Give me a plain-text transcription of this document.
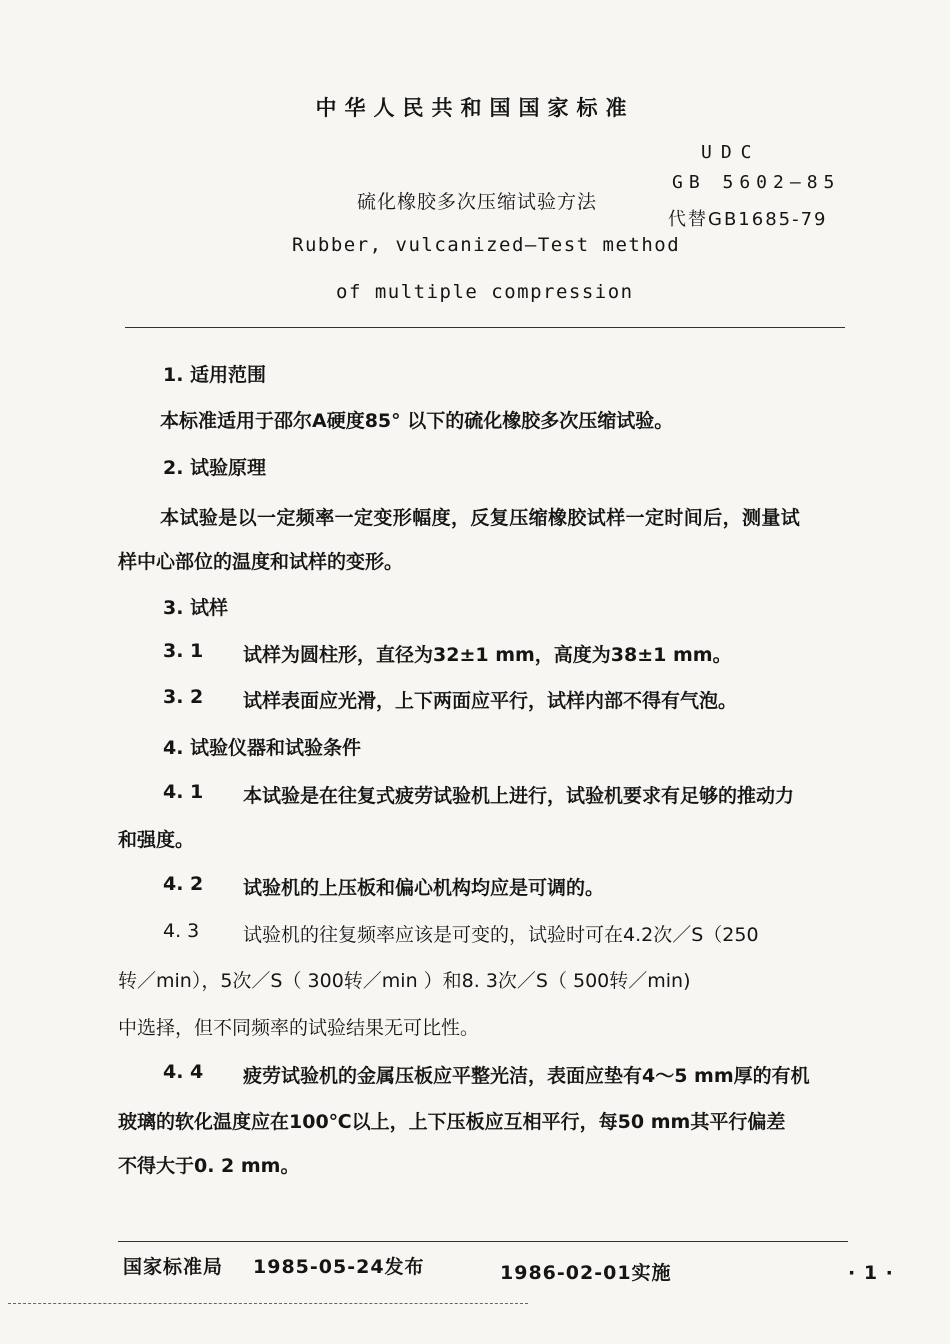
中华人民共和国国家标准
UDC
GB 5602—85
代替GB1685-79
硫化橡胶多次压缩试验方法
Rubber, vulcanized—Test method
of multiple compression
1. 适用范围
本标准适用于邵尔A硬度85° 以下的硫化橡胶多次压缩试验。
2. 试验原理
本试验是以一定频率一定变形幅度，反复压缩橡胶试样一定时间后，测量试
样中心部位的温度和试样的变形。
3. 试样
3. 1 试样为圆柱形，直径为32±1 mm，高度为38±1 mm。
3. 2 试样表面应光滑，上下两面应平行，试样内部不得有气泡。
4. 试验仪器和试验条件
4. 1 本试验是在往复式疲劳试验机上进行，试验机要求有足够的推动力
和强度。
4. 2 试验机的上压板和偏心机构均应是可调的。
4. 3 试验机的往复频率应该是可变的，试验时可在4.2次／S（250
转／min），5次／S（ 300转／min ）和8. 3次／S（ 500转／min)
中选择，但不同频率的试验结果无可比性。
4. 4 疲劳试验机的金属压板应平整光洁，表面应垫有4～5 mm厚的有机
玻璃的软化温度应在100℃以上，上下压板应互相平行，每50 mm其平行偏差
不得大于0. 2 mm。
国家标准局 1985-05-24发布	1986-02-01实施	· 1 ·
